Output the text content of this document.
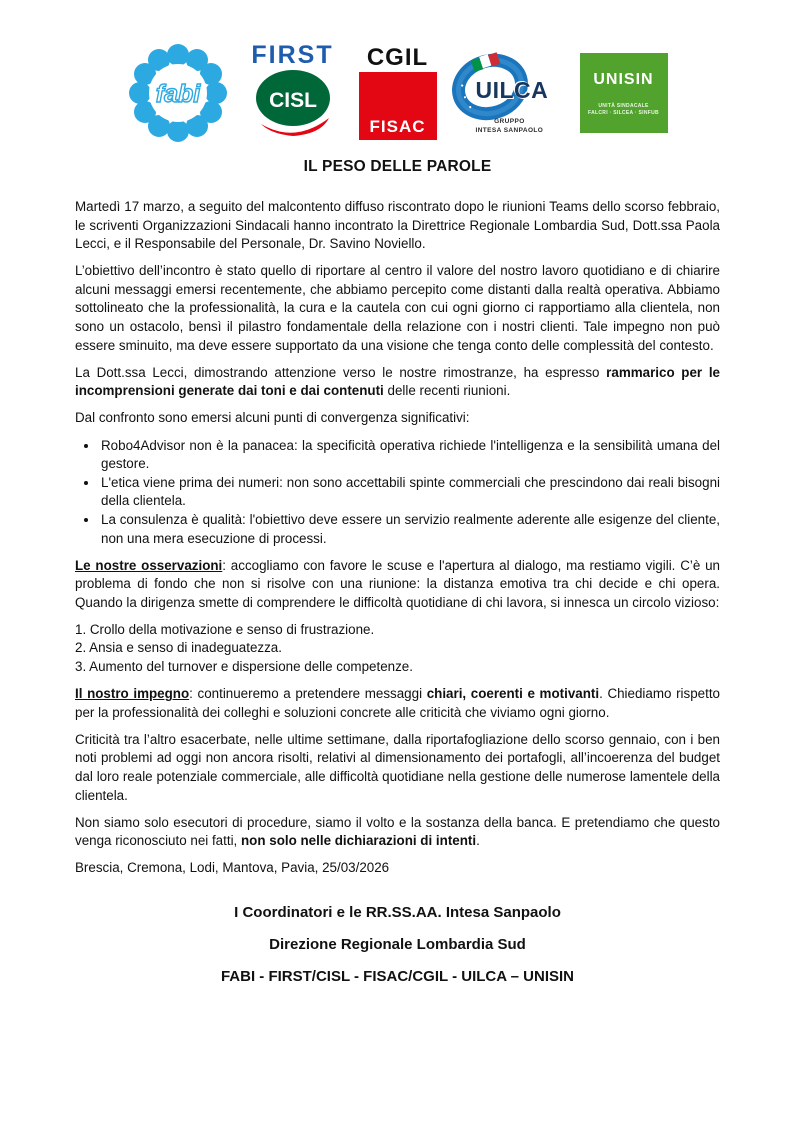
fabi
FIRST
CISL
CGIL
FISAC
UILCA
GRUPPO
INTESA SANPAOLO
UNISIN
UNITÀ SINDACALE
FALCRI · SILCEA · SINFUB
IL PESO DELLE PAROLE

Martedì 17 marzo, a seguito del malcontento diffuso riscontrato dopo le riunioni Teams dello scorso febbraio, le scriventi Organizzazioni Sindacali hanno incontrato la Direttrice Regionale Lombardia Sud, Dott.ssa Paola Lecci, e il Responsabile del Personale, Dr. Savino Noviello.

L’obiettivo dell’incontro è stato quello di riportare al centro il valore del nostro lavoro quotidiano e di chiarire alcuni messaggi emersi recentemente, che abbiamo percepito come distanti dalla realtà operativa. Abbiamo sottolineato che la professionalità, la cura e la cautela con cui ogni giorno ci rapportiamo alla clientela, non sono un ostacolo, bensì il pilastro fondamentale della relazione con i nostri clienti. Tale impegno non può essere sminuito, ma deve essere supportato da una visione che tenga conto delle complessità del contesto.

La Dott.ssa Lecci, dimostrando attenzione verso le nostre rimostranze, ha espresso rammarico per le incomprensioni generate dai toni e dai contenuti delle recenti riunioni.

Dal confronto sono emersi alcuni punti di convergenza significativi:

• Robo4Advisor non è la panacea: la specificità operativa richiede l'intelligenza e la sensibilità umana del gestore.
• L'etica viene prima dei numeri: non sono accettabili spinte commerciali che prescindono dai reali bisogni della clientela.
• La consulenza è qualità: l'obiettivo deve essere un servizio realmente aderente alle esigenze del cliente, non una mera esecuzione di processi.

Le nostre osservazioni: accogliamo con favore le scuse e l'apertura al dialogo, ma restiamo vigili. C’è un problema di fondo che non si risolve con una riunione: la distanza emotiva tra chi decide e chi opera. Quando la dirigenza smette di comprendere le difficoltà quotidiane di chi lavora, si innesca un circolo vizioso:

1. Crollo della motivazione e senso di frustrazione.

2. Ansia e senso di inadeguatezza.

3. Aumento del turnover e dispersione delle competenze.

Il nostro impegno: continueremo a pretendere messaggi chiari, coerenti e motivanti. Chiediamo rispetto per la professionalità dei colleghi e soluzioni concrete alle criticità che viviamo ogni giorno.

Criticità tra l’altro esacerbate, nelle ultime settimane, dalla riportafogliazione dello scorso gennaio, con i ben noti problemi ad oggi non ancora risolti, relativi al dimensionamento dei portafogli, all’incoerenza del budget dal loro reale potenziale commerciale, alle difficoltà quotidiane nella gestione delle numerose lamentele della clientela.

Non siamo solo esecutori di procedure, siamo il volto e la sostanza della banca. E pretendiamo che questo venga riconosciuto nei fatti, non solo nelle dichiarazioni di intenti.

Brescia, Cremona, Lodi, Mantova, Pavia, 25/03/2026

I Coordinatori e le RR.SS.AA. Intesa Sanpaolo
Direzione Regionale Lombardia Sud
FABI - FIRST/CISL - FISAC/CGIL - UILCA – UNISIN
